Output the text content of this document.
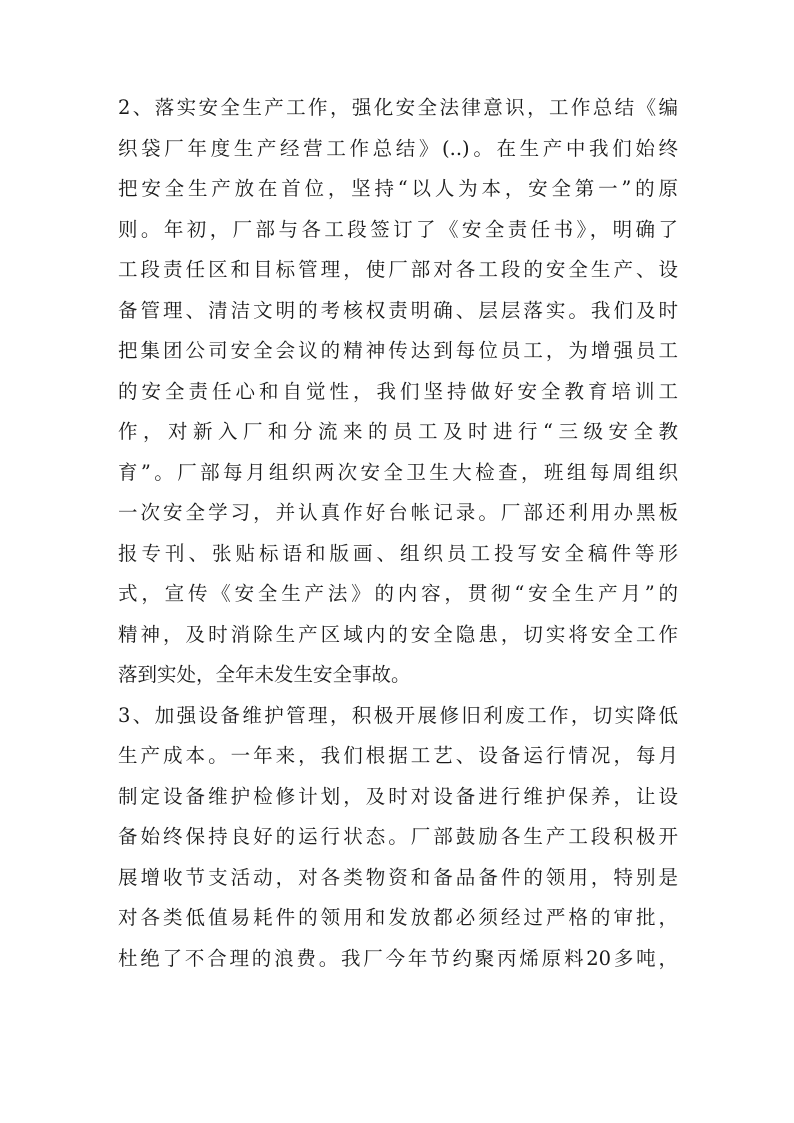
2、落实安全生产工作，强化安全法律意识，工作总结《编
织袋厂年度生产经营工作总结》(..)。在生产中我们始终
把安全生产放在首位，坚持“以人为本，安全第一”的原
则。年初，厂部与各工段签订了《安全责任书》，明确了
工段责任区和目标管理，使厂部对各工段的安全生产、设
备管理、清洁文明的考核权责明确、层层落实。我们及时
把集团公司安全会议的精神传达到每位员工，为增强员工
的安全责任心和自觉性，我们坚持做好安全教育培训工
作，对新入厂和分流来的员工及时进行“三级安全教
育”。厂部每月组织两次安全卫生大检查，班组每周组织
一次安全学习，并认真作好台帐记录。厂部还利用办黑板
报专刊、张贴标语和版画、组织员工投写安全稿件等形
式，宣传《安全生产法》的内容，贯彻“安全生产月”的
精神，及时消除生产区域内的安全隐患，切实将安全工作
落到实处，全年未发生安全事故。
3、加强设备维护管理，积极开展修旧利废工作，切实降低
生产成本。一年来，我们根据工艺、设备运行情况，每月
制定设备维护检修计划，及时对设备进行维护保养，让设
备始终保持良好的运行状态。厂部鼓励各生产工段积极开
展增收节支活动，对各类物资和备品备件的领用，特别是
对各类低值易耗件的领用和发放都必须经过严格的审批，
杜绝了不合理的浪费。我厂今年节约聚丙烯原料20多吨，
